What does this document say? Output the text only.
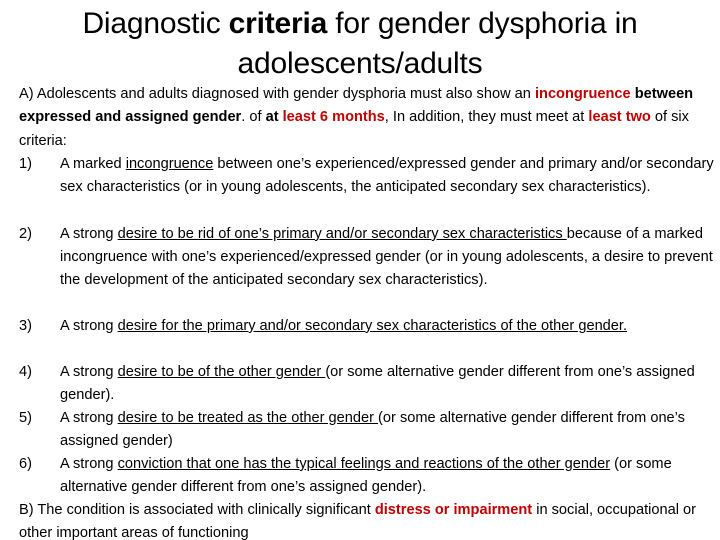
Diagnostic criteria for gender dysphoria in
adolescents/adults

A) Adolescents and adults diagnosed with gender dysphoria must also show an incongruence between expressed and assigned gender. of at least 6 months, In addition, they must meet at least two of six criteria:

1) A marked incongruence between one’s experienced/expressed gender and primary and/or secondary sex characteristics (or in young adolescents, the anticipated secondary sex characteristics).
2) A strong desire to be rid of one’s primary and/or secondary sex characteristics because of a marked incongruence with one’s experienced/expressed gender (or in young adolescents, a desire to prevent the development of the anticipated secondary sex characteristics).
3) A strong desire for the primary and/or secondary sex characteristics of the other gender.
4) A strong desire to be of the other gender (or some alternative gender different from one’s assigned gender).
5) A strong desire to be treated as the other gender (or some alternative gender different from one’s assigned gender)
6) A strong conviction that one has the typical feelings and reactions of the other gender (or some alternative gender different from one’s assigned gender).

B) The condition is associated with clinically significant distress or impairment in social, occupational or other important areas of functioning
